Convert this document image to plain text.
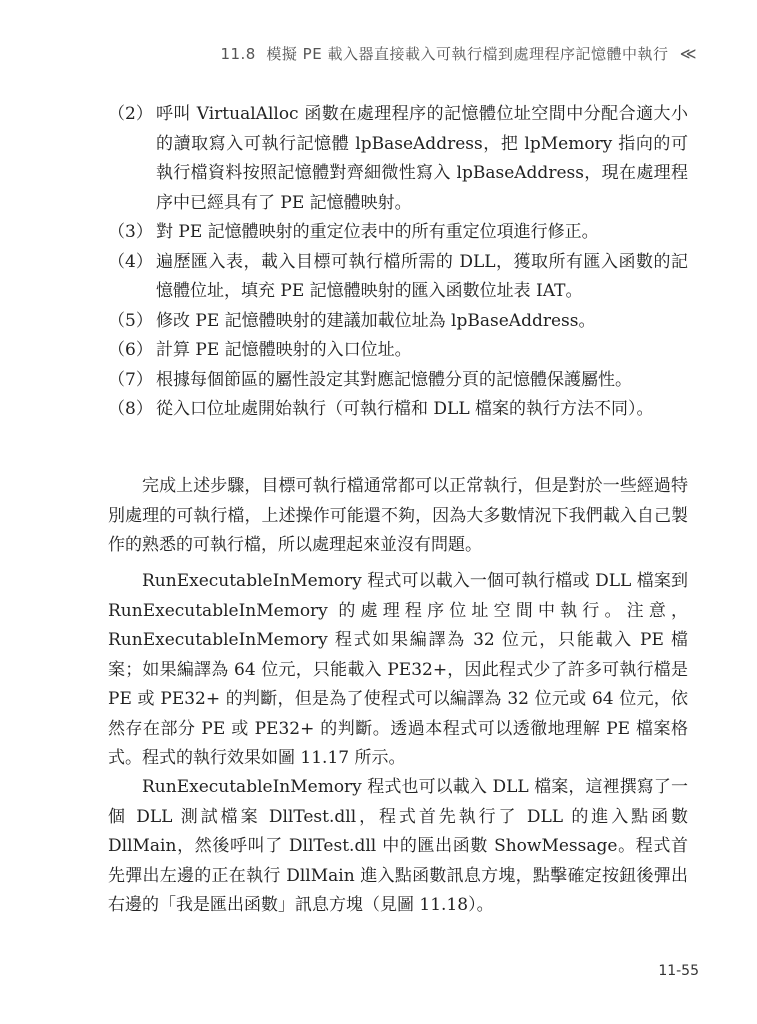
11.8 模擬 PE 載入器直接載入可執行檔到處理程序記憶體中執行 ≪
（2） 呼叫 VirtualAlloc 函數在處理程序的記憶體位址空間中分配合適大小的讀取寫入可執行記憶體 lpBaseAddress，把 lpMemory 指向的可執行檔資料按照記憶體對齊細微性寫入 lpBaseAddress，現在處理程序中已經具有了 PE 記憶體映射。
（3） 對 PE 記憶體映射的重定位表中的所有重定位項進行修正。
（4） 遍歷匯入表，載入目標可執行檔所需的 DLL，獲取所有匯入函數的記憶體位址，填充 PE 記憶體映射的匯入函數位址表 IAT。
（5） 修改 PE 記憶體映射的建議加載位址為 lpBaseAddress。
（6） 計算 PE 記憶體映射的入口位址。
（7） 根據每個節區的屬性設定其對應記憶體分頁的記憶體保護屬性。
（8） 從入口位址處開始執行（可執行檔和 DLL 檔案的執行方法不同）。

完成上述步驟，目標可執行檔通常都可以正常執行，但是對於一些經過特別處理的可執行檔，上述操作可能還不夠，因為大多數情況下我們載入自己製作的熟悉的可執行檔，所以處理起來並沒有問題。

RunExecutableInMemory 程式可以載入一個可執行檔或 DLL 檔案到 RunExecutableInMemory 的處理程序位址空間中執行。注意，RunExecutableInMemory 程式如果編譯為 32 位元，只能載入 PE 檔案；如果編譯為 64 位元，只能載入 PE32+，因此程式少了許多可執行檔是 PE 或 PE32+ 的判斷，但是為了使程式可以編譯為 32 位元或 64 位元，依然存在部分 PE 或 PE32+ 的判斷。透過本程式可以透徹地理解 PE 檔案格式。程式的執行效果如圖 11.17 所示。

RunExecutableInMemory 程式也可以載入 DLL 檔案，這裡撰寫了一個 DLL 測試檔案 DllTest.dll，程式首先執行了 DLL 的進入點函數 DllMain，然後呼叫了 DllTest.dll 中的匯出函數 ShowMessage。程式首先彈出左邊的正在執行 DllMain 進入點函數訊息方塊，點擊確定按鈕後彈出右邊的「我是匯出函數」訊息方塊（見圖 11.18）。

11-55
